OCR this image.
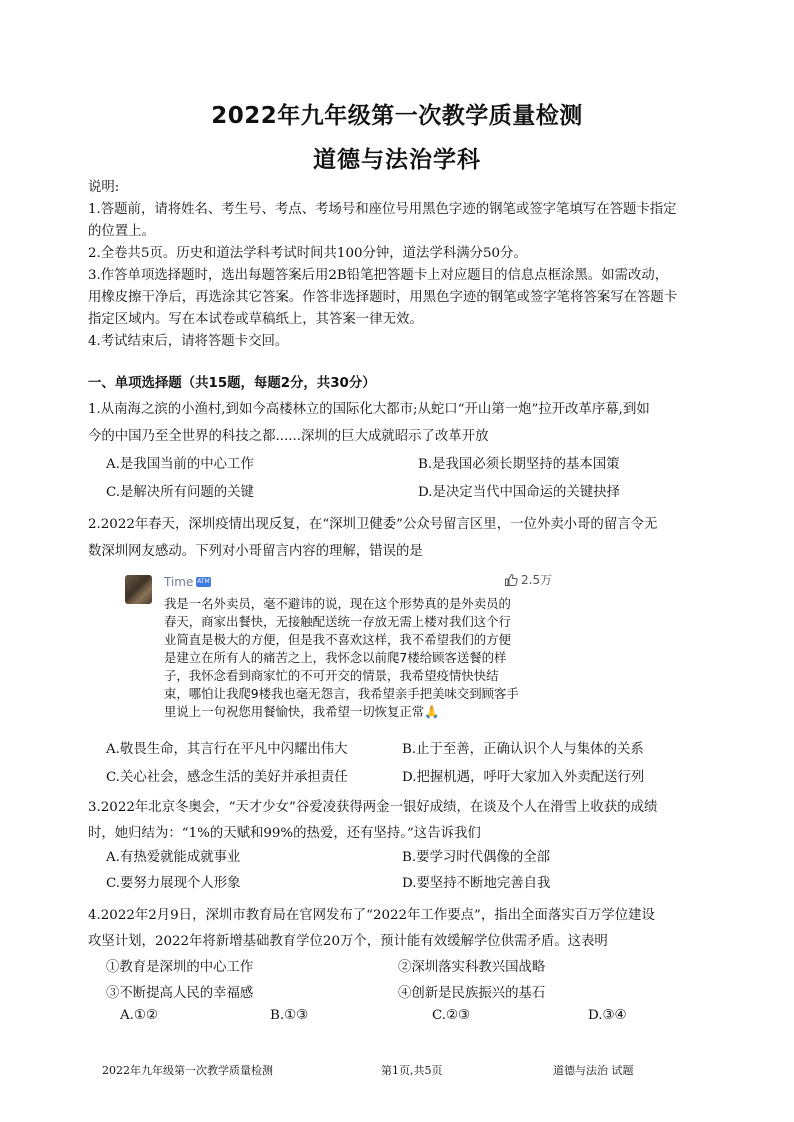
2022年九年级第一次教学质量检测
道德与法治学科
说明:
1.答题前，请将姓名、考生号、考点、考场号和座位号用黑色字迹的钢笔或签字笔填写在答题卡指定
的位置上。
2.全卷共5页。历史和道法学科考试时间共100分钟，道法学科满分50分。
3.作答单项选择题时，选出每题答案后用2B铅笔把答题卡上对应题目的信息点框涂黑。如需改动，
用橡皮擦干净后，再选涂其它答案。作答非选择题时，用黑色字迹的钢笔或签字笔将答案写在答题卡
指定区域内。写在本试卷或草稿纸上，其答案一律无效。
4.考试结束后，请将答题卡交回。
一、单项选择题（共15题，每题2分，共30分）
1.从南海之滨的小渔村,到如今高楼林立的国际化大都市;从蛇口“开山第一炮”拉开改革序幕,到如
今的中国乃至全世界的科技之都......深圳的巨大成就昭示了改革开放
A.是我国当前的中心工作	B.是我国必须长期坚持的基本国策
C.是解决所有问题的关键	D.是决定当代中国命运的关键抉择
2.2022年春天，深圳疫情出现反复，在“深圳卫健委”公众号留言区里，一位外卖小哥的留言令无
数深圳网友感动。下列对小哥留言内容的理解，错误的是
Time ATM	2.5万
我是一名外卖员，毫不避讳的说，现在这个形势真的是外卖员的
春天，商家出餐快，无接触配送统一存放无需上楼对我们这个行
业简直是极大的方便，但是我不喜欢这样，我不希望我们的方便
是建立在所有人的痛苦之上，我怀念以前爬7楼给顾客送餐的样
子，我怀念看到商家忙的不可开交的情景，我希望疫情快快结
束，哪怕让我爬9楼我也毫无怨言，我希望亲手把美味交到顾客手
里说上一句祝您用餐愉快，我希望一切恢复正常🙏
A.敬畏生命，其言行在平凡中闪耀出伟大	B.止于至善，正确认识个人与集体的关系
C.关心社会，感念生活的美好并承担责任	D.把握机遇，呼吁大家加入外卖配送行列
3.2022年北京冬奥会，“天才少女”谷爱凌获得两金一银好成绩，在谈及个人在滑雪上收获的成绩
时，她归结为：“1%的天赋和99%的热爱，还有坚持。”这告诉我们
A.有热爱就能成就事业	B.要学习时代偶像的全部
C.要努力展现个人形象	D.要坚持不断地完善自我
4.2022年2月9日，深圳市教育局在官网发布了“2022年工作要点”，指出全面落实百万学位建设
攻坚计划，2022年将新增基础教育学位20万个，预计能有效缓解学位供需矛盾。这表明
①教育是深圳的中心工作	②深圳落实科教兴国战略
③不断提高人民的幸福感	④创新是民族振兴的基石
A.①②	B.①③	C.②③	D.③④
2022年九年级第一次教学质量检测	第1页,共5页	道德与法治 试题
